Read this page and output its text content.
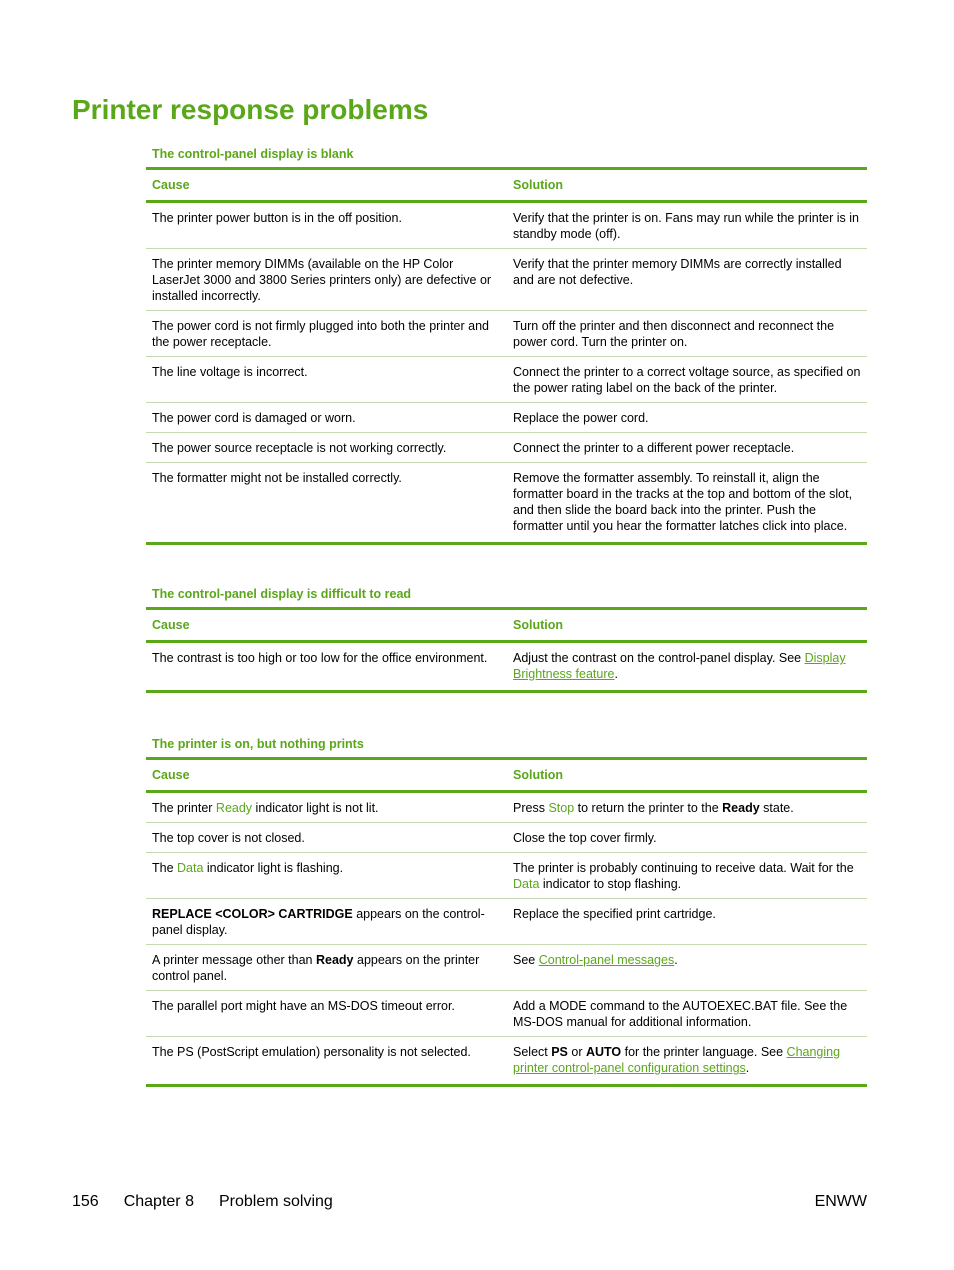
Printer response problems
The control-panel display is blank
Cause	Solution
The printer power button is in the off position.	Verify that the printer is on. Fans may run while the printer is in standby mode (off).
The printer memory DIMMs (available on the HP Color LaserJet 3000 and 3800 Series printers only) are defective or installed incorrectly.	Verify that the printer memory DIMMs are correctly installed and are not defective.
The power cord is not firmly plugged into both the printer and the power receptacle.	Turn off the printer and then disconnect and reconnect the power cord. Turn the printer on.
The line voltage is incorrect.	Connect the printer to a correct voltage source, as specified on the power rating label on the back of the printer.
The power cord is damaged or worn.	Replace the power cord.
The power source receptacle is not working correctly.	Connect the printer to a different power receptacle.
The formatter might not be installed correctly.	Remove the formatter assembly. To reinstall it, align the formatter board in the tracks at the top and bottom of the slot, and then slide the board back into the printer. Push the formatter until you hear the formatter latches click into place.
The control-panel display is difficult to read
Cause	Solution
The contrast is too high or too low for the office environment.	Adjust the contrast on the control-panel display. See Display Brightness feature.
The printer is on, but nothing prints
Cause	Solution
The printer Ready indicator light is not lit.	Press Stop to return the printer to the Ready state.
The top cover is not closed.	Close the top cover firmly.
The Data indicator light is flashing.	The printer is probably continuing to receive data. Wait for the Data indicator to stop flashing.
REPLACE <COLOR> CARTRIDGE appears on the control-panel display.	Replace the specified print cartridge.
A printer message other than Ready appears on the printer control panel.	See Control-panel messages.
The parallel port might have an MS-DOS timeout error.	Add a MODE command to the AUTOEXEC.BAT file. See the MS-DOS manual for additional information.
The PS (PostScript emulation) personality is not selected.	Select PS or AUTO for the printer language. See Changing printer control-panel configuration settings.
156 Chapter 8 Problem solving	ENWW
